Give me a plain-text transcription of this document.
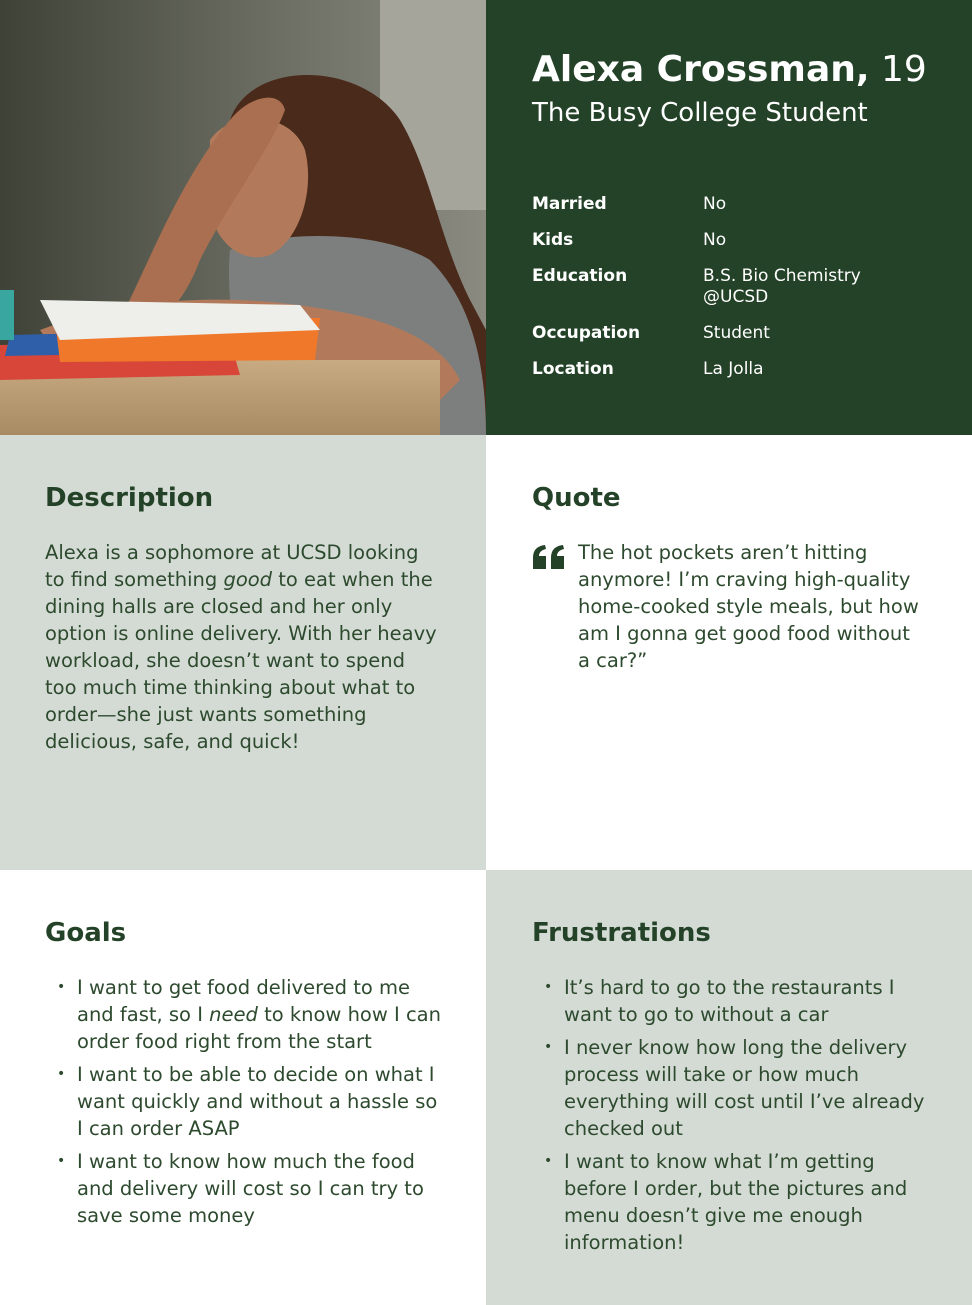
Alexa Crossman, 19
The Busy College Student
Married	No
Kids	No
Education	B.S. Bio Chemistry @UCSD
Occupation	Student
Location	La Jolla
Description

Alexa is a sophomore at UCSD looking to find something good to eat when the dining halls are closed and her only option is online delivery. With her heavy workload, she doesn’t want to spend too much time thinking about what to order—she just wants something delicious, safe, and quick!

Quote
The hot pockets aren’t hitting anymore! I’m craving high-quality home-cooked style meals, but how am I gonna get good food without a car?”
Goals
• I want to get food delivered to me and fast, so I need to know how I can order food right from the start
• I want to be able to decide on what I want quickly and without a hassle so I can order ASAP
• I want to know how much the food and delivery will cost so I can try to save some money
Frustrations
• It’s hard to go to the restaurants I want to go to without a car
• I never know how long the delivery process will take or how much everything will cost until I’ve already checked out
• I want to know what I’m getting before I order, but the pictures and menu doesn’t give me enough information!
